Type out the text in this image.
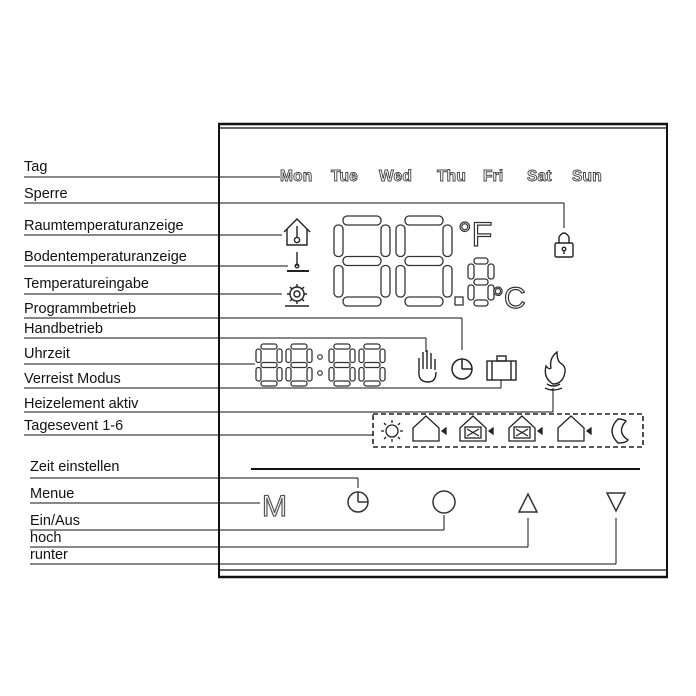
Tag
Sperre
Raumtemperaturanzeige
Bodentemperaturanzeige
Temperatureingabe
Programmbetrieb
Handbetrieb
Uhrzeit
Verreist Modus
Heizelement aktiv
Tagesevent 1-6
Zeit einstellen
Menue
Ein/Aus
hoch
runter
Mon Tue Wed Thu Fri Sat Sun
°F
°C
M
